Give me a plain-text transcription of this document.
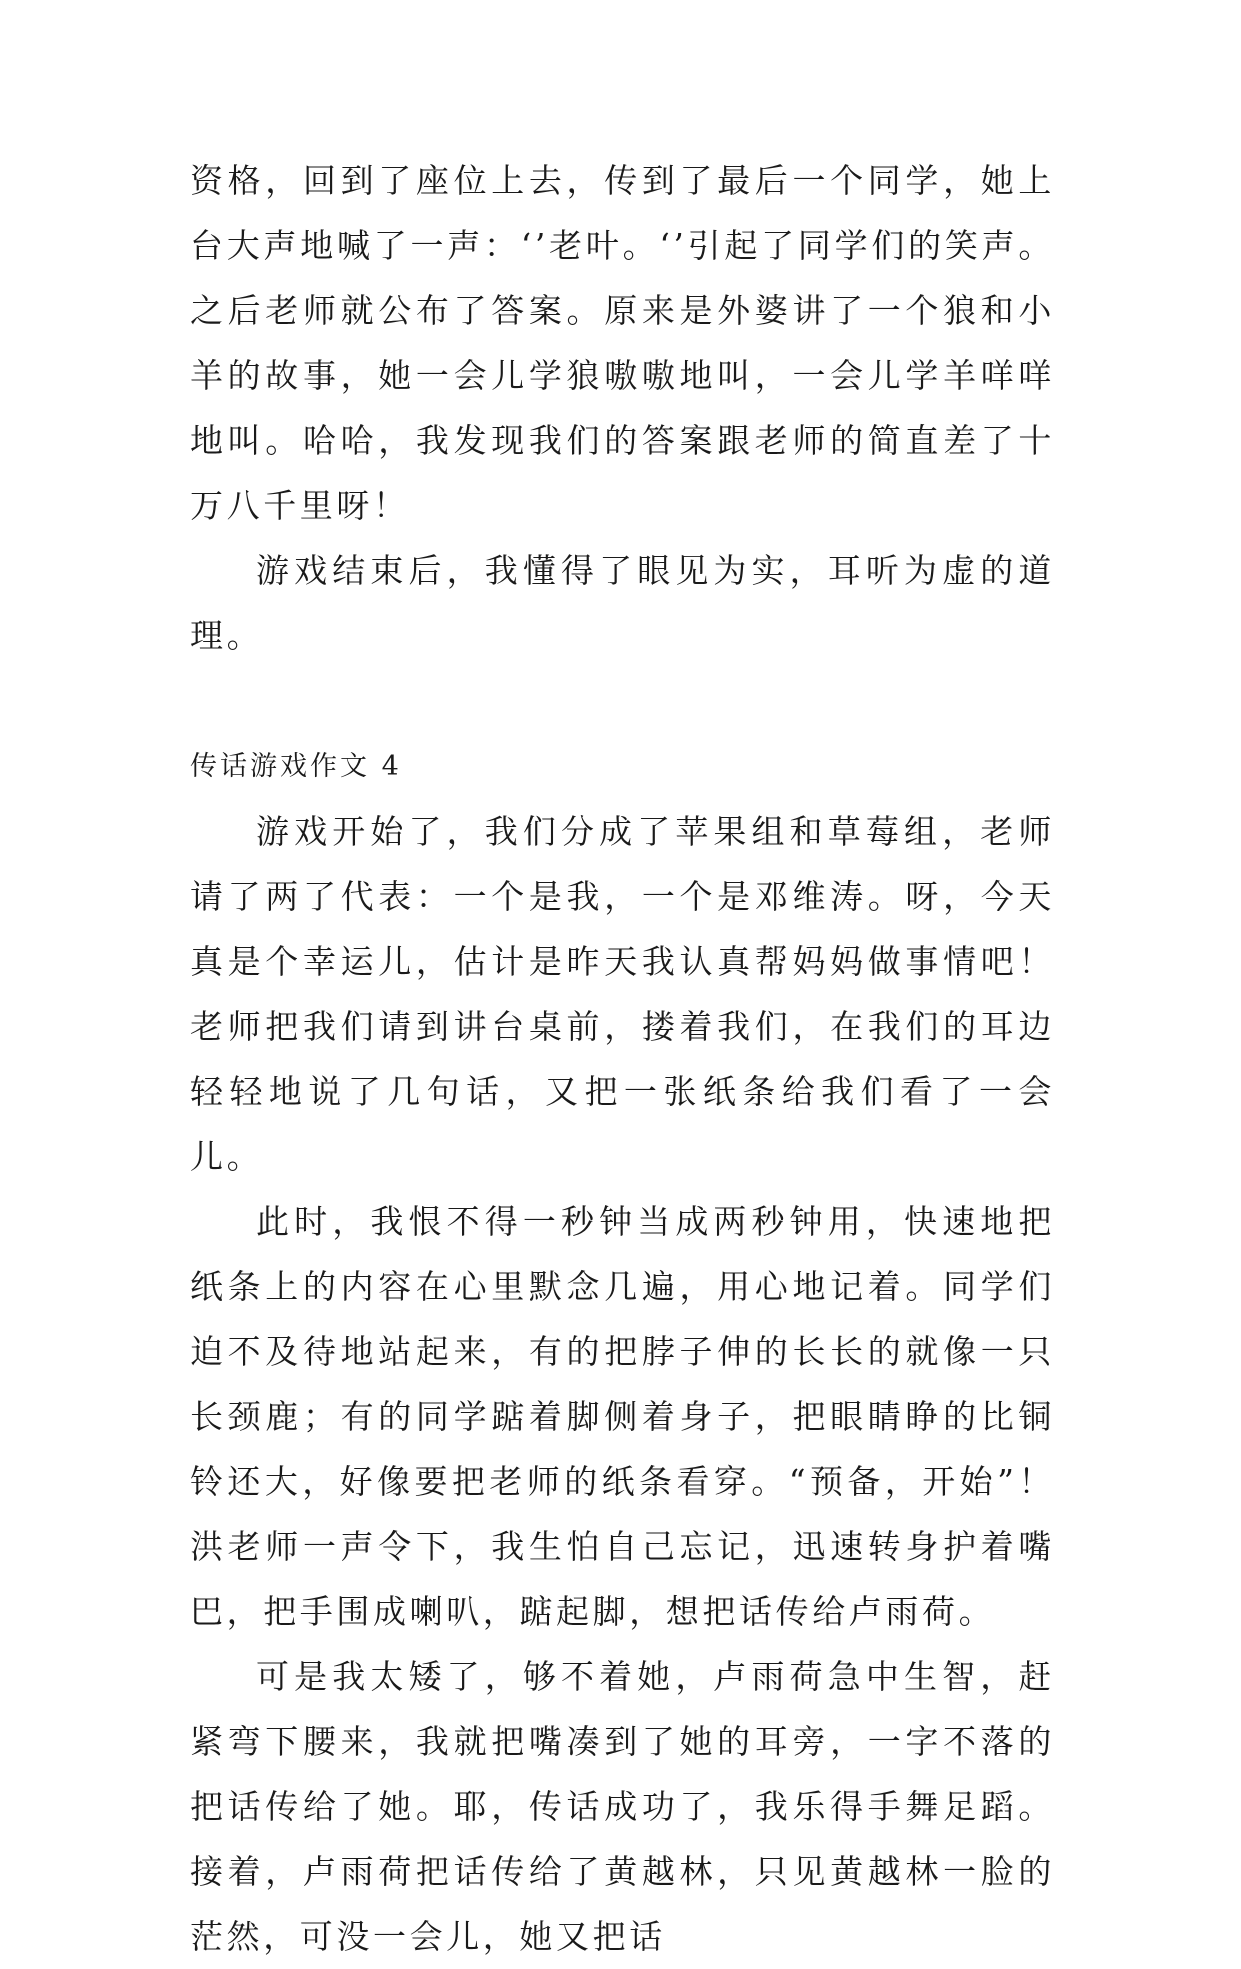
资格，回到了座位上去，传到了最后一个同学，她上台大声地喊了一声：‘’老叶。‘’引起了同学们的笑声。之后老师就公布了答案。原来是外婆讲了一个狼和小羊的故事，她一会儿学狼嗷嗷地叫，一会儿学羊咩咩地叫。哈哈，我发现我们的答案跟老师的简直差了十万八千里呀！

游戏结束后，我懂得了眼见为实，耳听为虚的道理。

传话游戏作文 4

游戏开始了，我们分成了苹果组和草莓组，老师请了两了代表：一个是我，一个是邓维涛。呀，今天真是个幸运儿，估计是昨天我认真帮妈妈做事情吧！老师把我们请到讲台桌前，搂着我们，在我们的耳边轻轻地说了几句话，又把一张纸条给我们看了一会儿。

此时，我恨不得一秒钟当成两秒钟用，快速地把纸条上的内容在心里默念几遍，用心地记着。同学们迫不及待地站起来，有的把脖子伸的长长的就像一只长颈鹿；有的同学踮着脚侧着身子，把眼睛睁的比铜铃还大，好像要把老师的纸条看穿。“预备，开始”！洪老师一声令下，我生怕自己忘记，迅速转身护着嘴巴，把手围成喇叭，踮起脚，想把话传给卢雨荷。

可是我太矮了，够不着她，卢雨荷急中生智，赶紧弯下腰来，我就把嘴凑到了她的耳旁，一字不落的把话传给了她。耶，传话成功了，我乐得手舞足蹈。接着，卢雨荷把话传给了黄越林，只见黄越林一脸的茫然，可没一会儿，她又把话
